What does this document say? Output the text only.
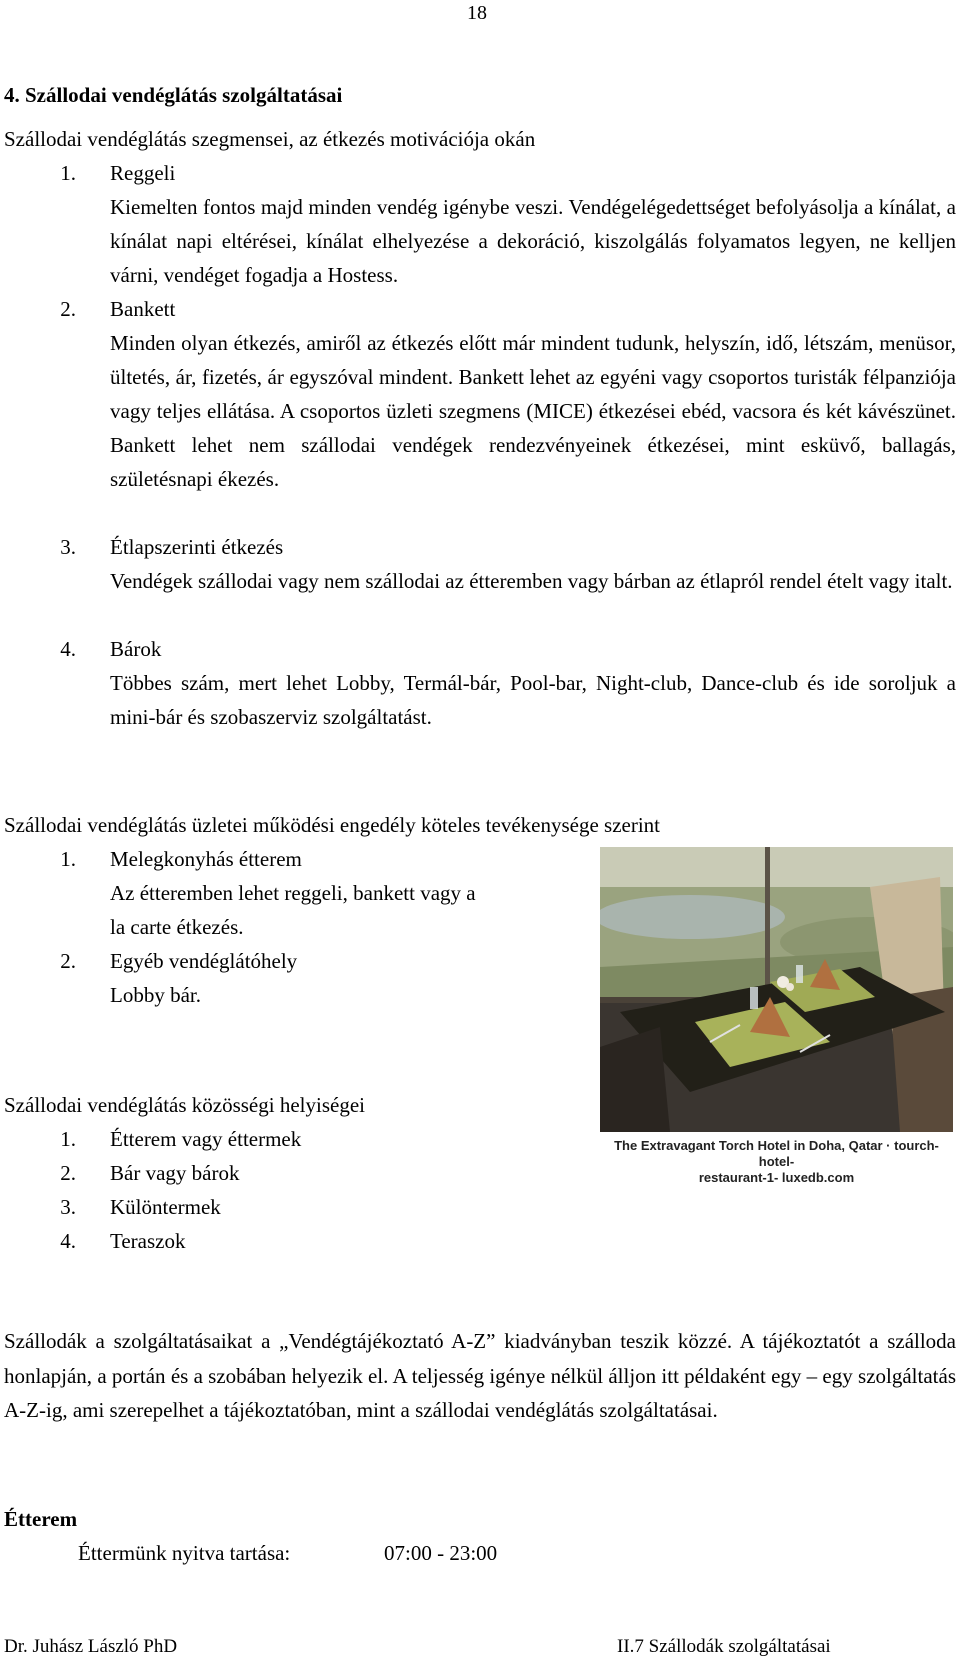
18
4. Szállodai vendéglátás szolgáltatásai
Szállodai vendéglátás szegmensei, az étkezés motivációja okán
1. Reggeli
Kiemelten fontos majd minden vendég igénybe veszi. Vendégelégedettséget befolyásolja a kínálat, a kínálat napi eltérései, kínálat elhelyezése a dekoráció, kiszolgálás folyamatos legyen, ne kelljen várni, vendéget fogadja a Hostess.
2. Bankett
Minden olyan étkezés, amiről az étkezés előtt már mindent tudunk, helyszín, idő, létszám, menüsor, ültetés, ár, fizetés, ár egyszóval mindent. Bankett lehet az egyéni vagy csoportos turisták félpanziója vagy teljes ellátása. A csoportos üzleti szegmens (MICE) étkezései ebéd, vacsora és két kávészünet. Bankett lehet nem szállodai vendégek rendezvényeinek étkezései, mint esküvő, ballagás, születésnapi ékezés.
3. Étlapszerinti étkezés
Vendégek szállodai vagy nem szállodai az étteremben vagy bárban az étlapról rendel ételt vagy italt.
4. Bárok
Többes szám, mert lehet Lobby, Termál-bár, Pool-bar, Night-club, Dance-club és ide soroljuk a mini-bár és szobaszerviz szolgáltatást.
Szállodai vendéglátás üzletei működési engedély köteles tevékenysége szerint
1. Melegkonyhás étterem
Az étteremben lehet reggeli, bankett vagy a
la carte étkezés.
2. Egyéb vendéglátóhely
Lobby bár.
The Extravagant Torch Hotel in Doha, Qatar · tourch-hotel-
restaurant-1- luxedb.com
Szállodai vendéglátás közösségi helyiségei
1. Étterem vagy éttermek
2. Bár vagy bárok
3. Különtermek
4. Teraszok
Szállodák a szolgáltatásaikat a „Vendégtájékoztató A-Z” kiadványban teszik közzé. A tájékoztatót a szálloda honlapján, a portán és a szobában helyezik el. A teljesség igénye nélkül álljon itt példaként egy – egy szolgáltatás A-Z-ig, ami szerepelhet a tájékoztatóban, mint a szállodai vendéglátás szolgáltatásai.
Étterem
Éttermünk nyitva tartása:	07:00 - 23:00
Dr. Juhász László PhD	II.7 Szállodák szolgáltatásai
